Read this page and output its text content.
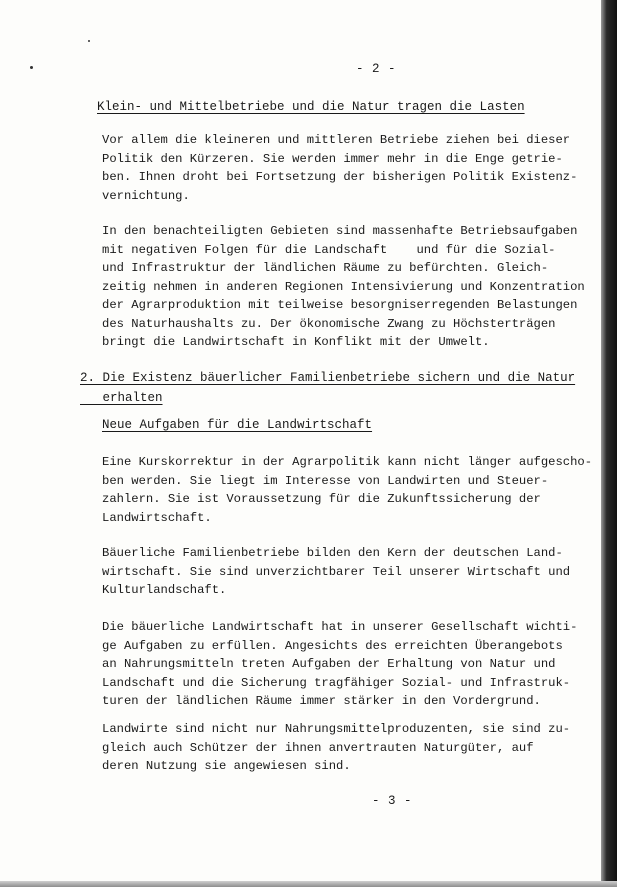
- 2 -
Klein- und Mittelbetriebe und die Natur tragen die Lasten
Vor allem die kleineren und mittleren Betriebe ziehen bei dieser
Politik den Kürzeren. Sie werden immer mehr in die Enge getrie-
ben. Ihnen droht bei Fortsetzung der bisherigen Politik Existenz-
vernichtung.
In den benachteiligten Gebieten sind massenhafte Betriebsaufgaben
mit negativen Folgen für die Landschaft    und für die Sozial-
und Infrastruktur der ländlichen Räume zu befürchten. Gleich-
zeitig nehmen in anderen Regionen Intensivierung und Konzentration
der Agrarproduktion mit teilweise besorgniserregenden Belastungen
des Naturhaushalts zu. Der ökonomische Zwang zu Höchsterträgen
bringt die Landwirtschaft in Konflikt mit der Umwelt.
2. Die Existenz bäuerlicher Familienbetriebe sichern und die Natur
erhalten
Neue Aufgaben für die Landwirtschaft
Eine Kurskorrektur in der Agrarpolitik kann nicht länger aufgescho-
ben werden. Sie liegt im Interesse von Landwirten und Steuer-
zahlern. Sie ist Voraussetzung für die Zukunftssicherung der
Landwirtschaft.
Bäuerliche Familienbetriebe bilden den Kern der deutschen Land-
wirtschaft. Sie sind unverzichtbarer Teil unserer Wirtschaft und
Kulturlandschaft.
Die bäuerliche Landwirtschaft hat in unserer Gesellschaft wichti-
ge Aufgaben zu erfüllen. Angesichts des erreichten Überangebots
an Nahrungsmitteln treten Aufgaben der Erhaltung von Natur und
Landschaft und die Sicherung tragfähiger Sozial- und Infrastruk-
turen der ländlichen Räume immer stärker in den Vordergrund.
Landwirte sind nicht nur Nahrungsmittelproduzenten, sie sind zu-
gleich auch Schützer der ihnen anvertrauten Naturgüter, auf
deren Nutzung sie angewiesen sind.
- 3 -
